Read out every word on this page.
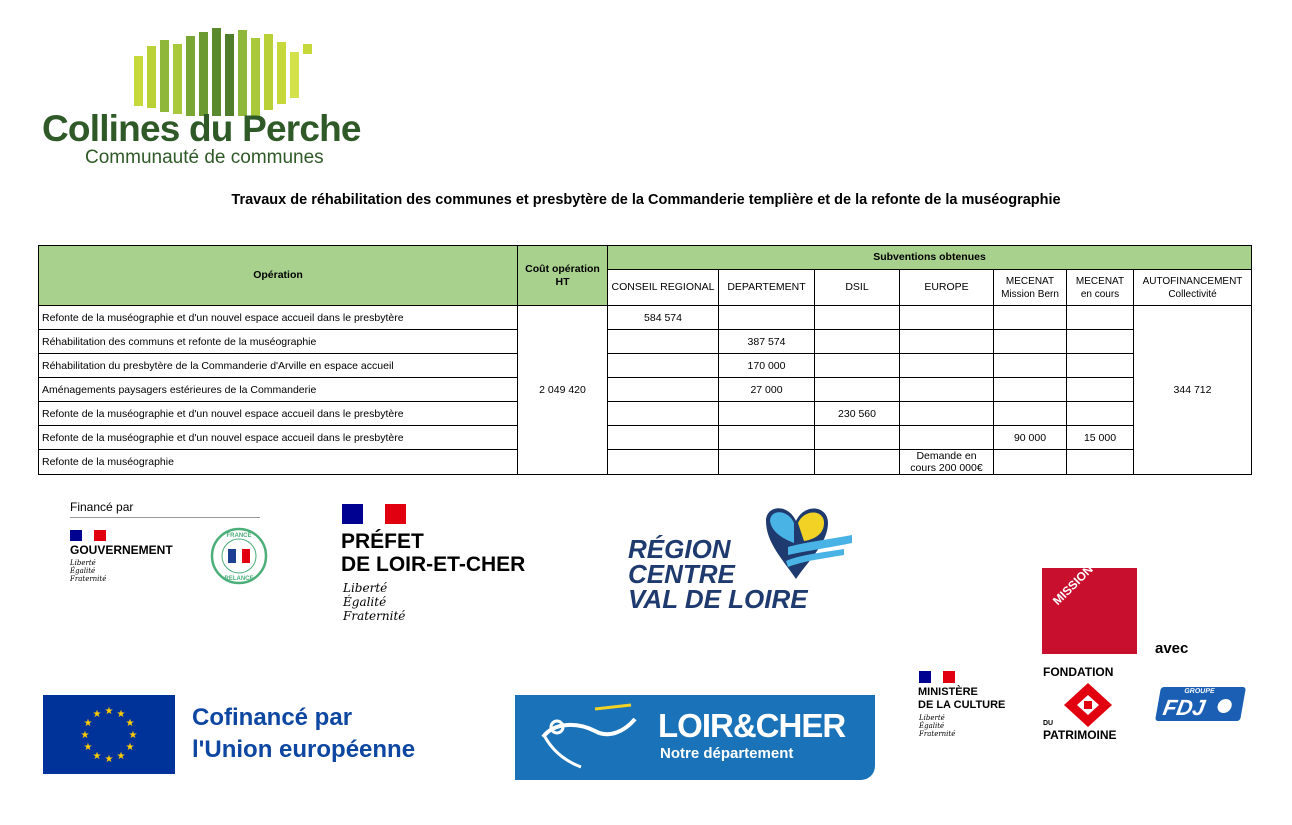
Collines du Perche
Communauté de communes
Travaux de réhabilitation des communes et presbytère de la Commanderie templière et de la refonte de la muséographie
Opération	Coût opération HT	Subventions obtenues						
		CONSEIL REGIONAL	DEPARTEMENT	DSIL	EUROPE	MECENAT Mission Bern	MECENAT en cours	AUTOFINANCEMENT Collectivité
Refonte de la muséographie et d'un nouvel espace accueil dans le presbytère	2 049 420	584 574						344 712
Réhabilitation des communs et refonte de la muséographie			387 574					
Réhabilitation du presbytère de la Commanderie d'Arville en espace accueil			170 000					
Aménagements paysagers estérieures de la Commanderie			27 000					
Refonte de la muséographie et d'un nouvel espace accueil dans le presbytère				230 560				
Refonte de la muséographie et d'un nouvel espace accueil dans le presbytère						90 000	15 000	
Refonte de la muséographie					Demande en cours 200 000€			
Financé par
GOUVERNEMENT
Liberté
Égalité
Fraternité
FRANCE
RELANCE
PRÉFET
DE LOIR-ET-CHER
Liberté
Égalité
Fraternité
RÉGION
CENTRE
VAL DE LOIRE	MISSION STÉPHANE BERN
avec
FONDATION
DU
PATRIMOINE
MINISTÈRE
DE LA CULTURE
Liberté
Égalité
Fraternité
GROUPE
FDJ
★ ★
★
★
★
★
★
★
★
★
★
★	Cofinancé par
l'Union européenne
LOIR&CHER
Notre département
